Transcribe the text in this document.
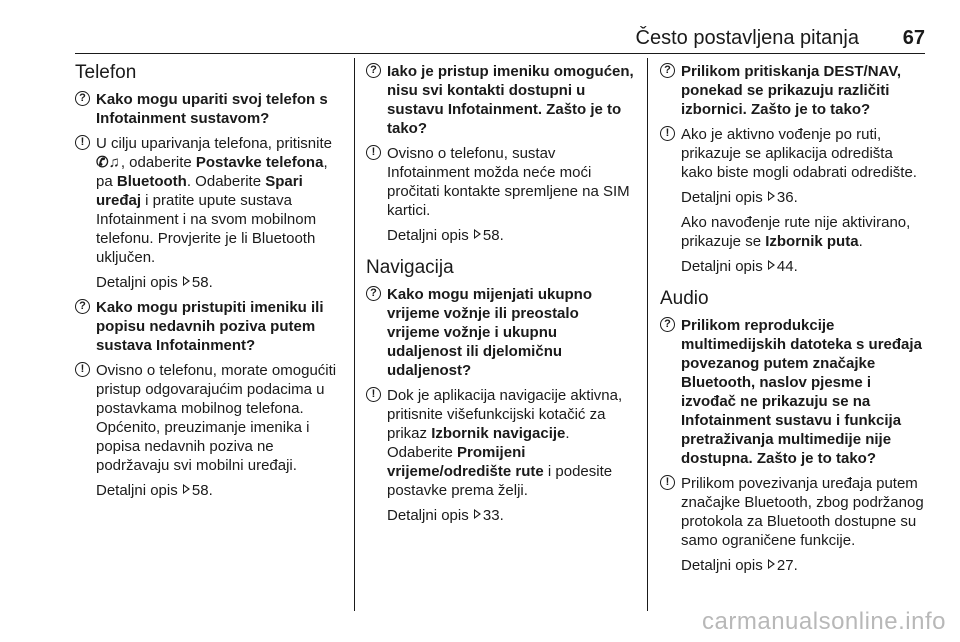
Često postavljena pitanja 67
Telefon
? Kako mogu upariti svoj telefon s Infotainment sustavom?
! U cilju uparivanja telefona, pritisnite ✆♫, odaberite Postavke telefona, pa Bluetooth. Odaberite Spari uređaj i pratite upute sustava Infotainment i na svom mobilnom telefonu. Provjerite je li Bluetooth uključen.
Detaljni opis 58.
? Kako mogu pristupiti imeniku ili popisu nedavnih poziva putem sustava Infotainment?
! Ovisno o telefonu, morate omogućiti pristup odgovarajućim podacima u postavkama mobilnog telefona. Općenito, preuzimanje imenika i popisa nedavnih poziva ne podržavaju svi mobilni uređaji.
Detaljni opis 58.
? Iako je pristup imeniku omogućen, nisu svi kontakti dostupni u sustavu Infotainment. Zašto je to tako?
! Ovisno o telefonu, sustav Infotainment možda neće moći pročitati kontakte spremljene na SIM kartici.
Detaljni opis 58.
Navigacija
? Kako mogu mijenjati ukupno vrijeme vožnje ili preostalo vrijeme vožnje i ukupnu udaljenost ili djelomičnu udaljenost?
! Dok je aplikacija navigacije aktivna, pritisnite višefunkcijski kotačić za prikaz Izbornik navigacije. Odaberite Promijeni vrijeme/odredište rute i podesite postavke prema želji.
Detaljni opis 33.
? Prilikom pritiskanja DEST/NAV, ponekad se prikazuju različiti izbornici. Zašto je to tako?
! Ako je aktivno vođenje po ruti, prikazuje se aplikacija odredišta kako biste mogli odabrati odredište.
Detaljni opis 36.
Ako navođenje rute nije aktivirano, prikazuje se Izbornik puta.
Detaljni opis 44.
Audio
? Prilikom reprodukcije multimedijskih datoteka s uređaja povezanog putem značajke Bluetooth, naslov pjesme i izvođač ne prikazuju se na Infotainment sustavu i funkcija pretraživanja multimedije nije dostupna. Zašto je to tako?
! Prilikom povezivanja uređaja putem značajke Bluetooth, zbog podržanog protokola za Bluetooth dostupne su samo ograničene funkcije.
Detaljni opis 27.
carmanualsonline.info
